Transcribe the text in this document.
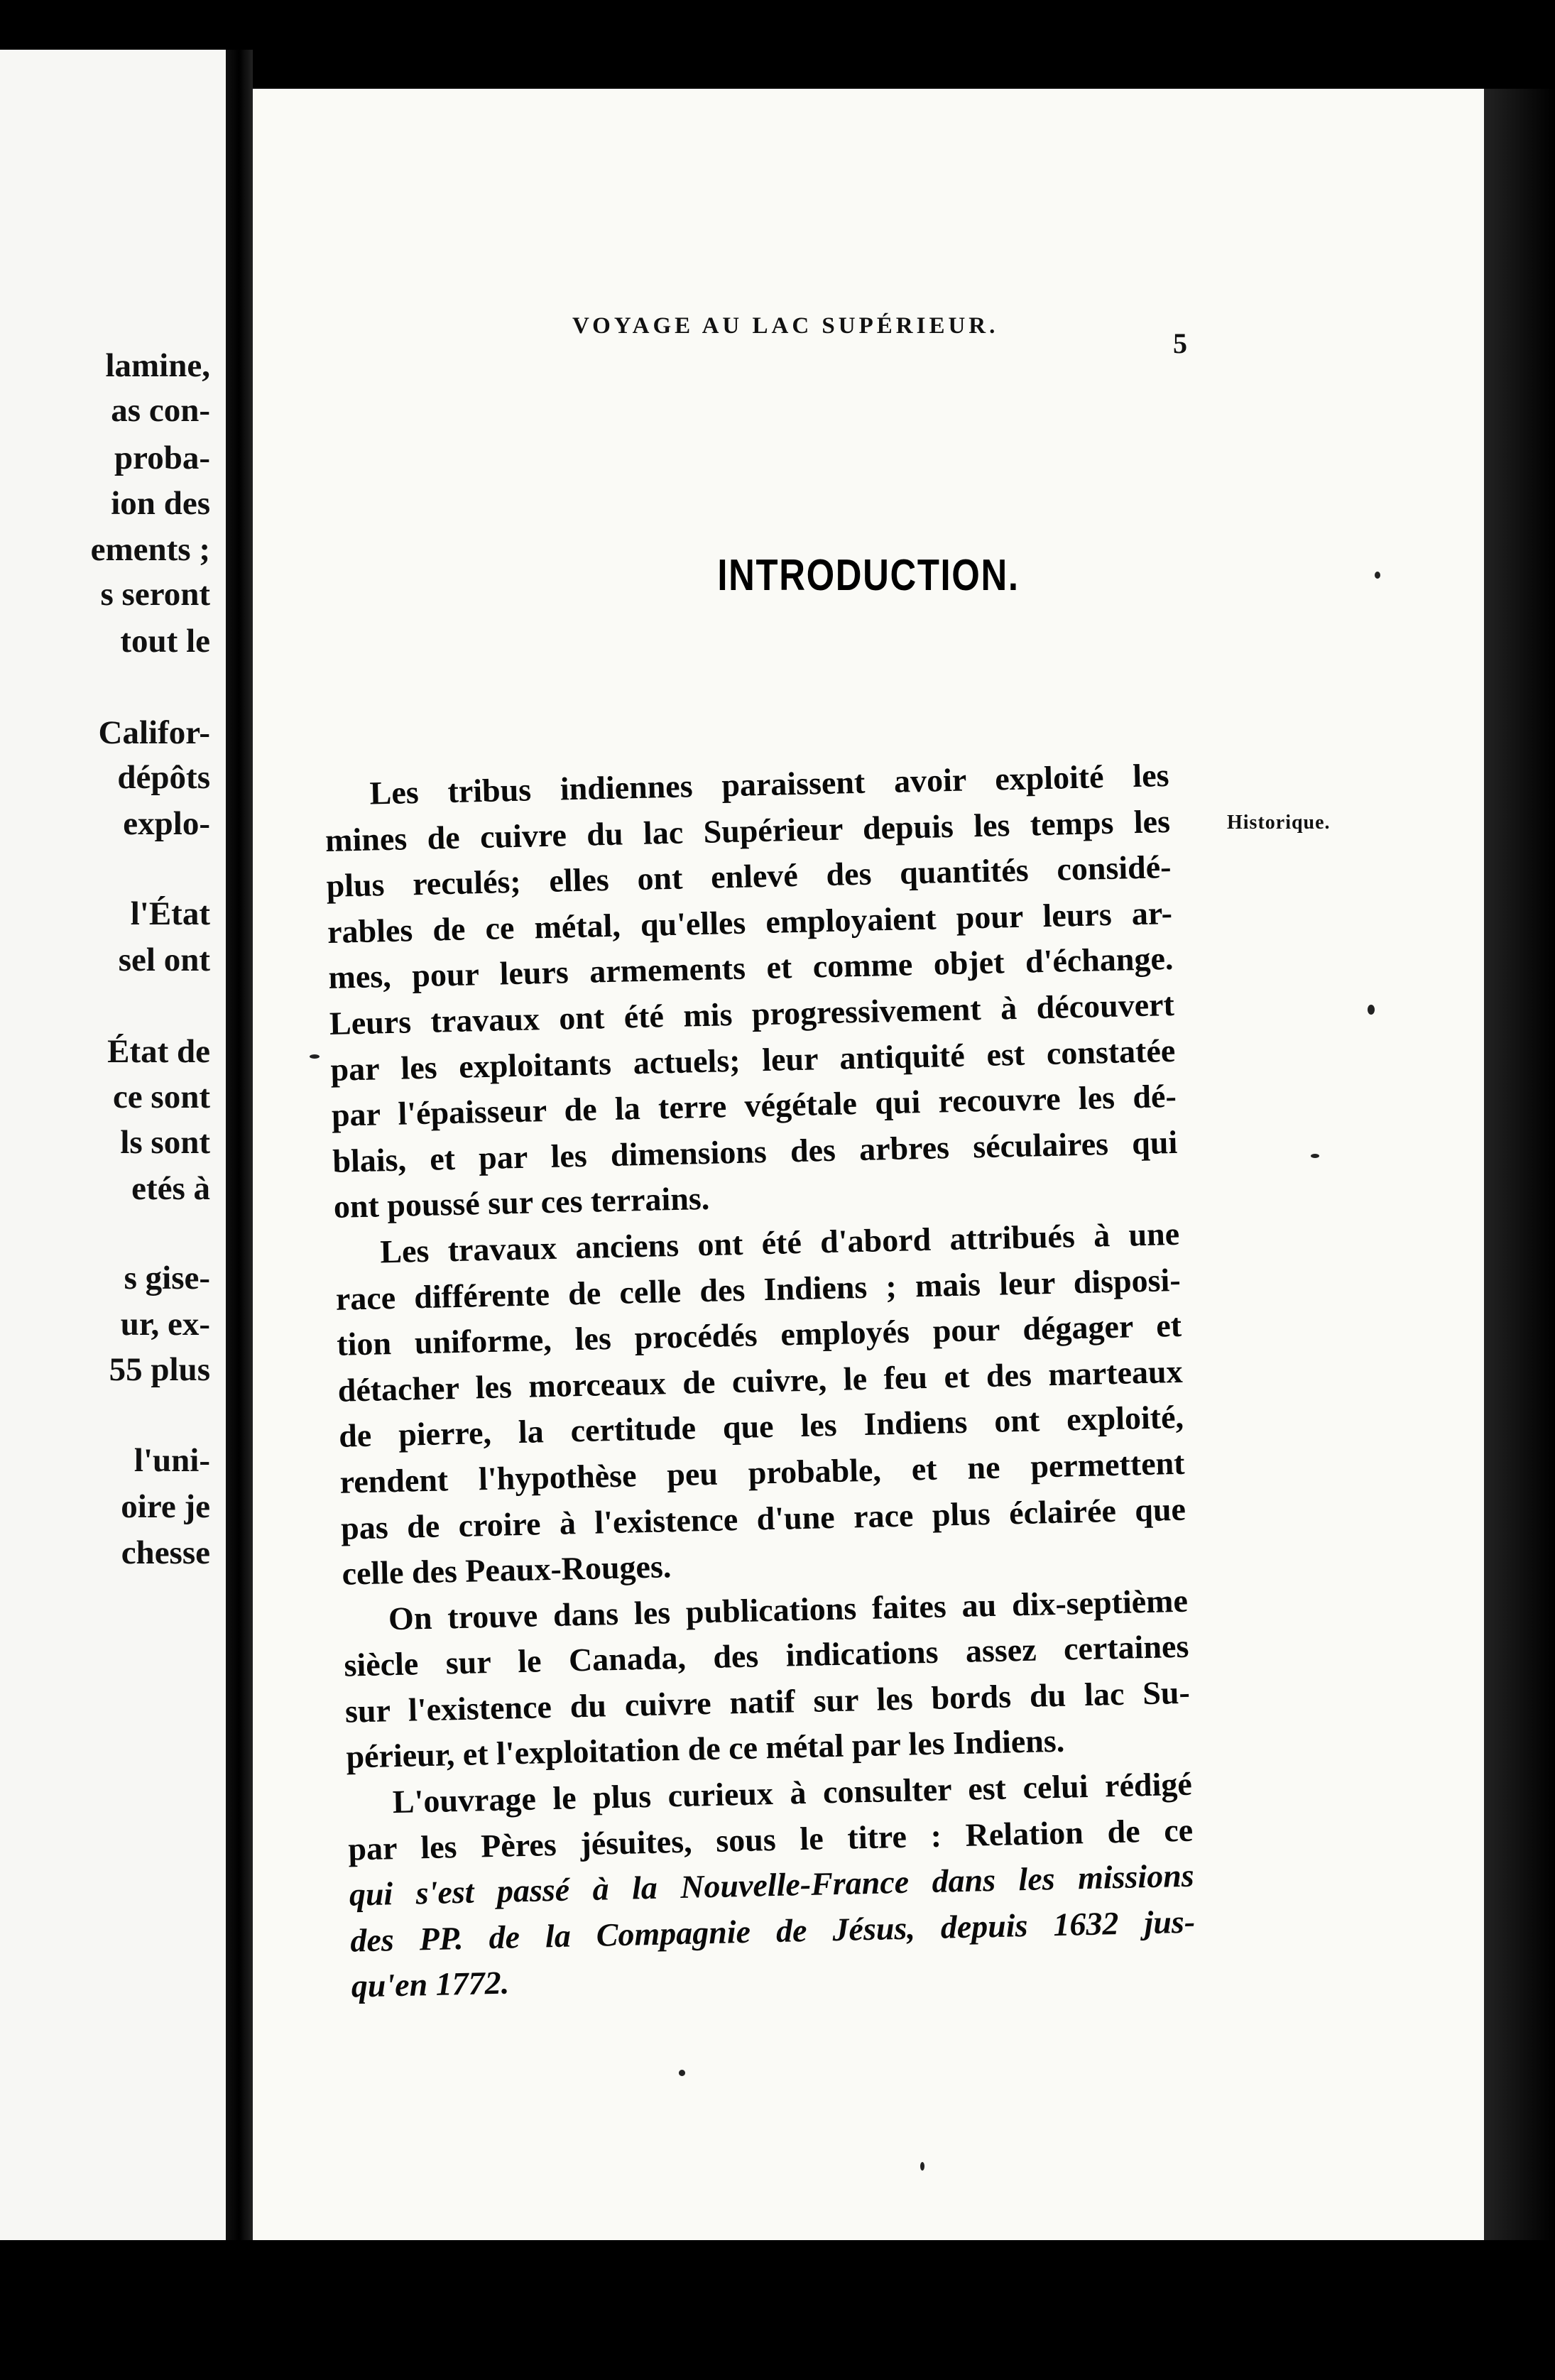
lamine,
as con-
proba-
ion des
ements ;
s seront
tout le
Califor-
dépôts
explo-
l'État
sel ont
État de
ce sont
ls sont
etés à
s gise-
ur, ex-
55 plus
l'uni-
oire je
chesse
VOYAGE AU LAC SUPÉRIEUR.
5
INTRODUCTION.
Historique.
Les tribus indiennes paraissent avoir exploité les
mines de cuivre du lac Supérieur depuis les temps les
plus reculés; elles ont enlevé des quantités considé-
rables de ce métal, qu'elles employaient pour leurs ar-
mes, pour leurs armements et comme objet d'échange.
Leurs travaux ont été mis progressivement à découvert
par les exploitants actuels; leur antiquité est constatée
par l'épaisseur de la terre végétale qui recouvre les dé-
blais, et par les dimensions des arbres séculaires qui
ont poussé sur ces terrains.
Les travaux anciens ont été d'abord attribués à une
race différente de celle des Indiens ; mais leur disposi-
tion uniforme, les procédés employés pour dégager et
détacher les morceaux de cuivre, le feu et des marteaux
de pierre, la certitude que les Indiens ont exploité,
rendent l'hypothèse peu probable, et ne permettent
pas de croire à l'existence d'une race plus éclairée que
celle des Peaux-Rouges.
On trouve dans les publications faites au dix-septième
siècle sur le Canada, des indications assez certaines
sur l'existence du cuivre natif sur les bords du lac Su-
périeur, et l'exploitation de ce métal par les Indiens.
L'ouvrage le plus curieux à consulter est celui rédigé
par les Pères jésuites, sous le titre : Relation de ce
qui s'est passé à la Nouvelle-France dans les missions
des PP. de la Compagnie de Jésus, depuis 1632 jus-
qu'en 1772.
